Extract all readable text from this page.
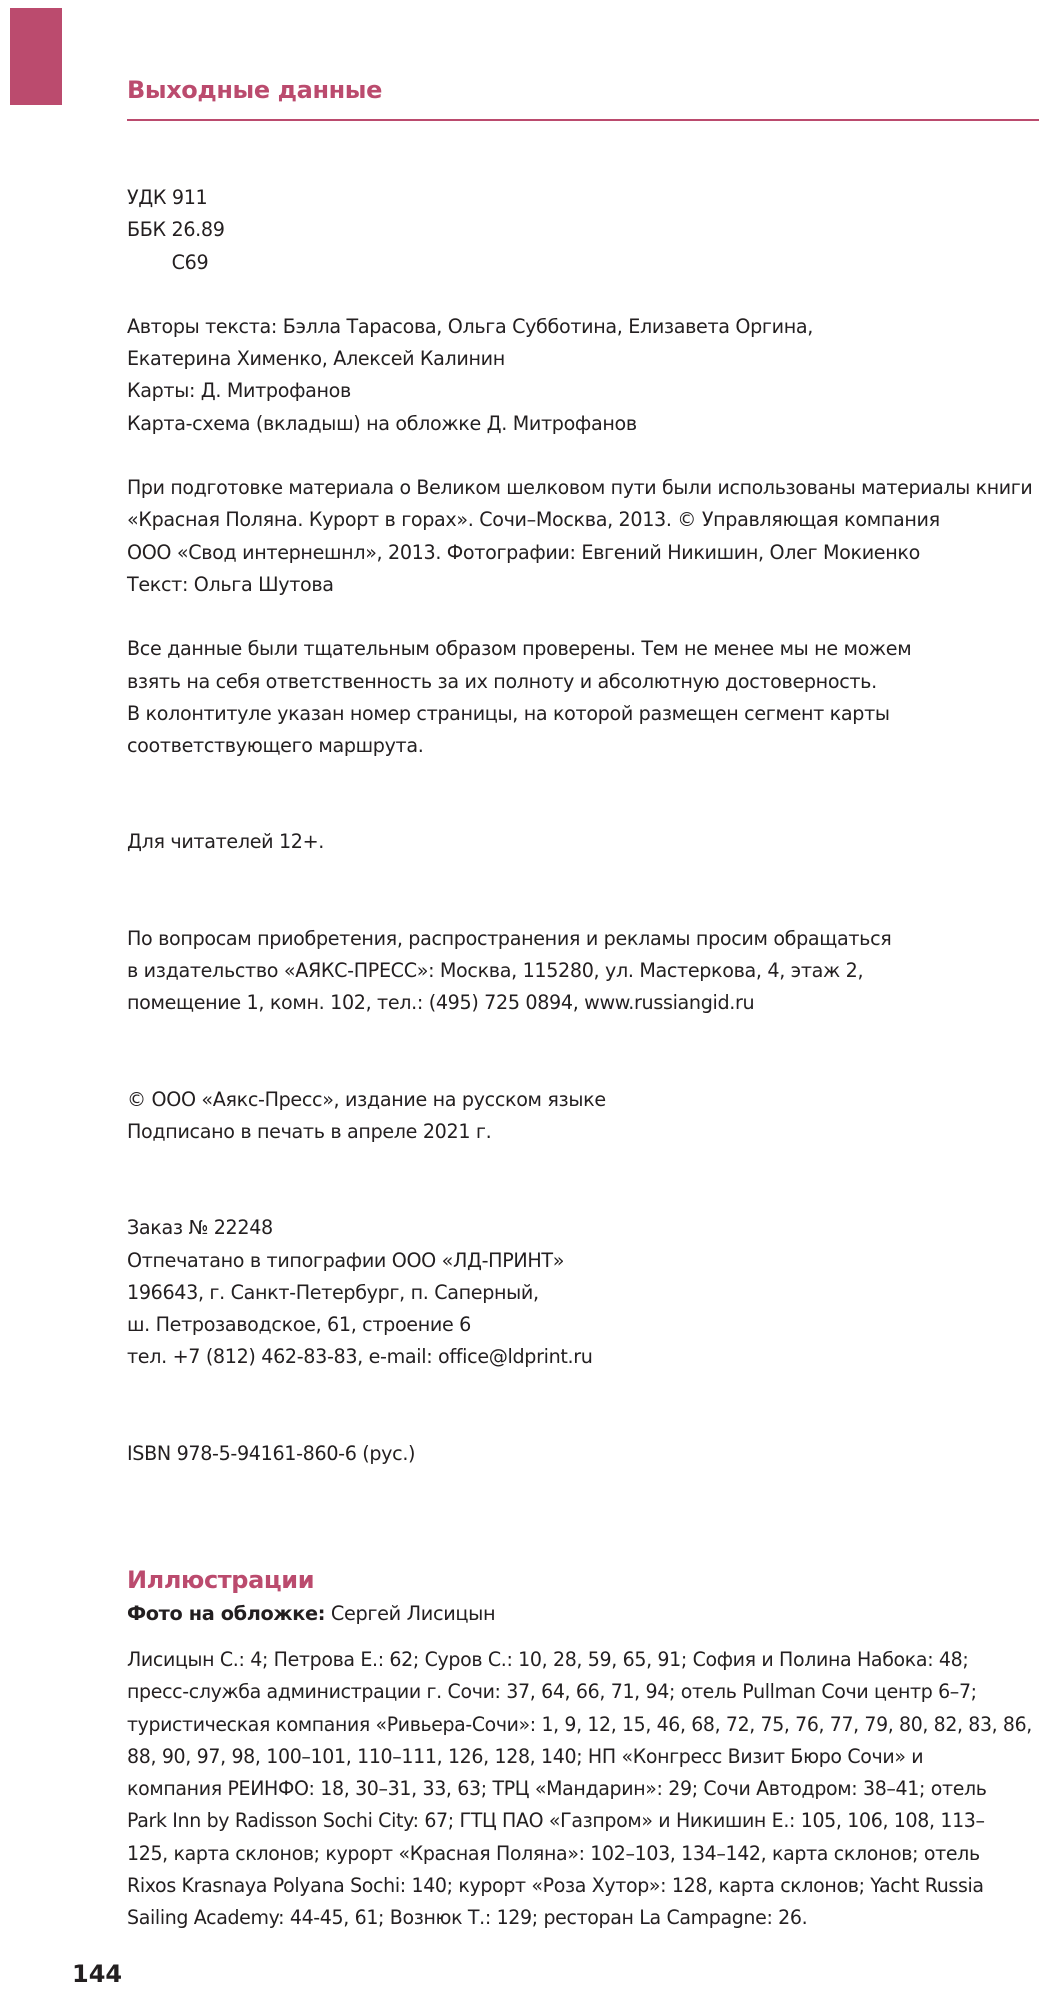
Выходные данные

УДК 911

ББК 26.89

С69

Авторы текста: Бэлла Тарасова, Ольга Субботина, Елизавета Оргина,

Екатерина Хименко, Алексей Калинин

Карты: Д. Митрофанов

Карта-схема (вкладыш) на обложке Д. Митрофанов

При подготовке материала о Великом шелковом пути были использованы материалы книги

«Красная Поляна. Курорт в горах». Сочи–Москва, 2013. © Управляющая компания

ООО «Свод интернешнл», 2013. Фотографии: Евгений Никишин, Олег Мокиенко

Текст: Ольга Шутова

Все данные были тщательным образом проверены. Тем не менее мы не можем

взять на себя ответственность за их полноту и абсолютную достоверность.

В колонтитуле указан номер страницы, на которой размещен сегмент карты

соответствующего маршрута.

Для читателей 12+.

По вопросам приобретения, распространения и рекламы просим обращаться

в издательство «АЯКС-ПРЕСС»: Москва, 115280, ул. Мастеркова, 4, этаж 2,

помещение 1, комн. 102, тел.: (495) 725 0894, www.russiangid.ru

© ООО «Аякс-Пресс», издание на русском языке

Подписано в печать в апреле 2021 г.

Заказ № 22248

Отпечатано в типографии ООО «ЛД-ПРИНТ»

196643, г. Санкт-Петербург, п. Саперный,

ш. Петрозаводское, 61, строение 6

тел. +7 (812) 462-83-83, e-mail: office@ldprint.ru

ISBN 978-5-94161-860-6 (рус.)

Иллюстрации
Фото на обложке: Сергей Лисицын

Лисицын С.: 4; Петрова Е.: 62; Суров С.: 10, 28, 59, 65, 91; София и Полина Набока: 48;

пресс-служба администрации г. Сочи: 37, 64, 66, 71, 94; отель Pullman Сочи центр 6–7;

туристическая компания «Ривьера-Сочи»: 1, 9, 12, 15, 46, 68, 72, 75, 76, 77, 79, 80, 82, 83, 86,

88, 90, 97, 98, 100–101, 110–111, 126, 128, 140; НП «Конгресс Визит Бюро Сочи» и

компания РЕИНФО: 18, 30–31, 33, 63; ТРЦ «Мандарин»: 29; Сочи Автодром: 38–41; отель

Park Inn by Radisson Sochi City: 67; ГТЦ ПАО «Газпром» и Никишин Е.: 105, 106, 108, 113–

125, карта склонов; курорт «Красная Поляна»: 102–103, 134–142, карта склонов; отель

Rixos Krasnaya Polyana Sochi: 140; курорт «Роза Хутор»: 128, карта склонов; Yacht Russia

Sailing Academy: 44-45, 61; Вознюк Т.: 129; ресторан La Campagne: 26.

144
